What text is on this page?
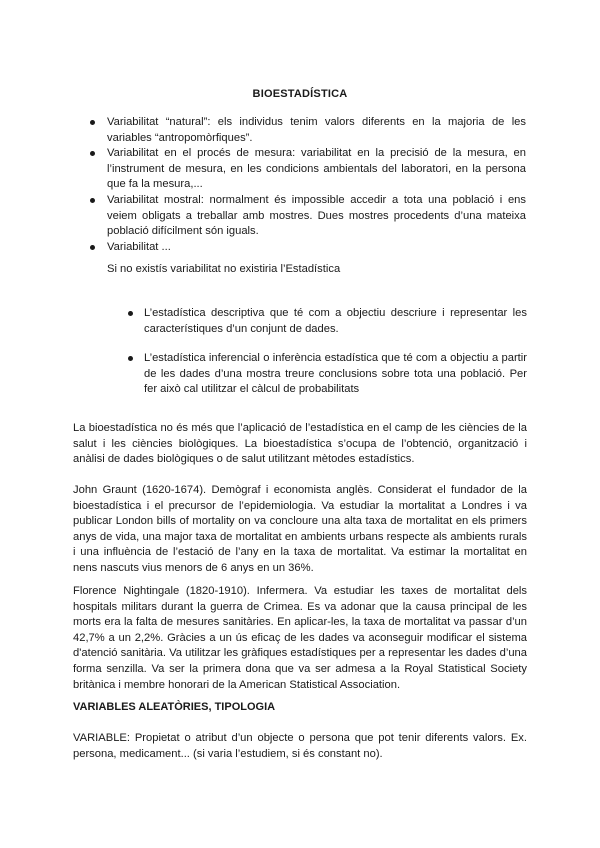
BIOESTADÍSTICA
Variabilitat “natural”: els individus tenim valors diferents en la majoria de les variables “antropomòrfiques”.
Variabilitat en el procés de mesura: variabilitat en la precisió de la mesura, en l’instrument de mesura, en les condicions ambientals del laboratori, en la persona que fa la mesura,...
Variabilitat mostral: normalment és impossible accedir a tota una població i ens veiem obligats a treballar amb mostres. Dues mostres procedents d’una mateixa població difícilment són iguals.
Variabilitat ...
Si no existís variabilitat no existiria l’Estadística
L’estadística descriptiva que té com a objectiu descriure i representar les característiques d’un conjunt de dades.
L’estadística inferencial o inferència estadística que té com a objectiu a partir de les dades d’una mostra treure conclusions sobre tota una població. Per fer això cal utilitzar el càlcul de probabilitats

La bioestadística no és més que l’aplicació de l’estadística en el camp de les ciències de la salut i les ciències biològiques. La bioestadística s’ocupa de l’obtenció, organització i anàlisi de dades biològiques o de salut utilitzant mètodes estadístics.

John Graunt (1620-1674). Demògraf i economista anglès. Considerat el fundador de la bioestadística i el precursor de l’epidemiologia. Va estudiar la mortalitat a Londres i va publicar London bills of mortality on va concloure una alta taxa de mortalitat en els primers anys de vida, una major taxa de mortalitat en ambients urbans respecte als ambients rurals i una influència de l’estació de l’any en la taxa de mortalitat. Va estimar la mortalitat en nens nascuts vius menors de 6 anys en un 36%.

Florence Nightingale (1820-1910). Infermera. Va estudiar les taxes de mortalitat dels hospitals militars durant la guerra de Crimea. Es va adonar que la causa principal de les morts era la falta de mesures sanitàries. En aplicar-les, la taxa de mortalitat va passar d’un 42,7% a un 2,2%. Gràcies a un ús eficaç de les dades va aconseguir modificar el sistema d'atenció sanitària. Va utilitzar les gràfiques estadístiques per a representar les dades d’una forma senzilla. Va ser la primera dona que va ser admesa a la Royal Statistical Society britànica i membre honorari de la American Statistical Association.

VARIABLES ALEATÒRIES, TIPOLOGIA

VARIABLE: Propietat o atribut d’un objecte o persona que pot tenir diferents valors. Ex. persona, medicament... (si varia l’estudiem, si és constant no).
